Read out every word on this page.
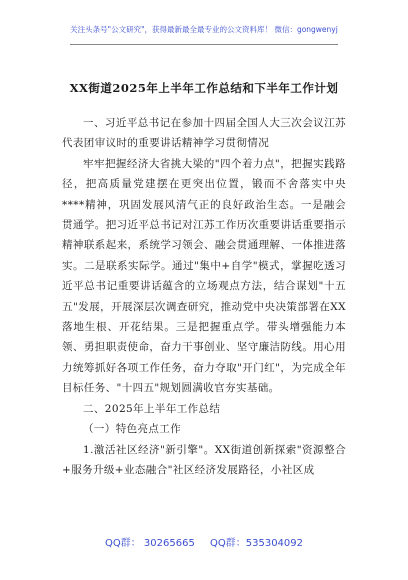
关注头条号"公文研究"，获得最新最全最专业的公文资料库！ 微信：gongwenyj
XX街道2025年上半年工作总结和下半年工作计划

一、习近平总书记在参加十四届全国人大三次会议江苏代表团审议时的重要讲话精神学习贯彻情况

牢牢把握经济大省挑大梁的"四个着力点"，把握实践路径，把高质量党建摆在更突出位置，锻而不舍落实中央****精神，巩固发展风清气正的良好政治生态。一是融会贯通学。把习近平总书记对江苏工作历次重要讲话重要指示精神联系起来，系统学习领会、融会贯通理解、一体推进落实。二是联系实际学。通过"集中+自学"模式，掌握吃透习近平总书记重要讲话蕴含的立场观点方法，结合谋划"十五五"发展，开展深层次调查研究，推动党中央决策部署在XX落地生根、开花结果。三是把握重点学。带头增强能力本领、勇担职责使命，奋力干事创业、坚守廉洁防线。用心用力统筹抓好各项工作任务，奋力夺取"开门红"，为完成全年目标任务、"十四五"规划圆满收官夯实基础。

二、2025年上半年工作总结

（一）特色亮点工作

1.激活社区经济"新引擎"。XX街道创新探索"资源整合+服务升级+业态融合"社区经济发展路径，小社区成

QQ群： 30265665 QQ群：535304092
